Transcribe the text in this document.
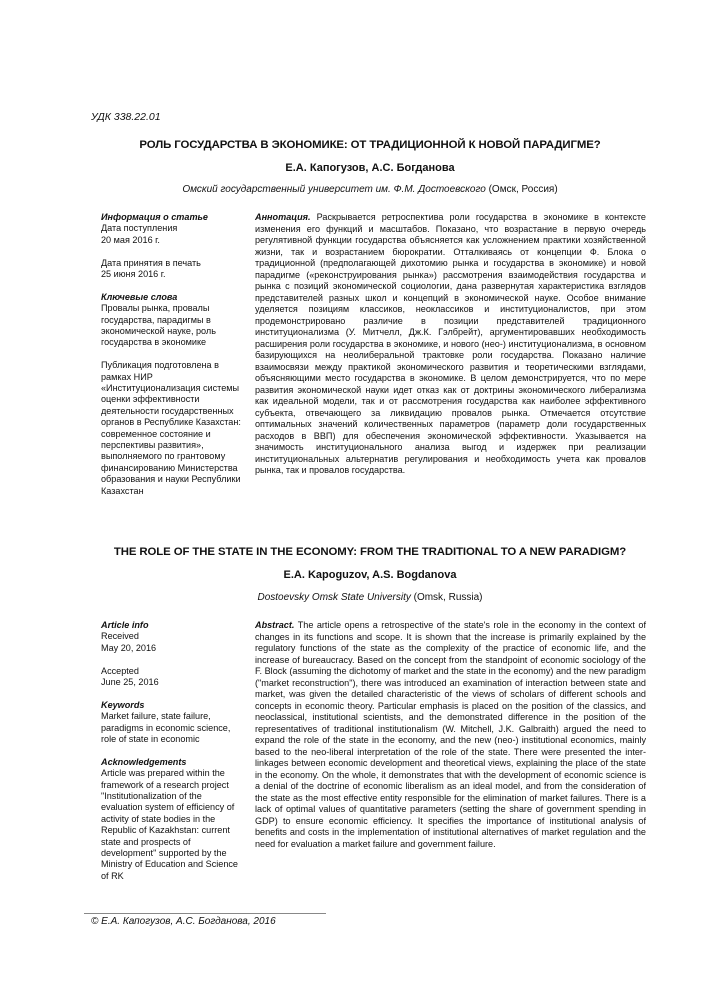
УДК 338.22.01
РОЛЬ ГОСУДАРСТВА В ЭКОНОМИКЕ: ОТ ТРАДИЦИОННОЙ К НОВОЙ ПАРАДИГМЕ?
Е.А. Капогузов, А.С. Богданова
Омский государственный университет им. Ф.М. Достоевского (Омск, Россия)
Информация о статье
Дата поступления
20 мая 2016 г.
Дата принятия в печать
25 июня 2016 г.
Ключевые слова
Провалы рынка, провалы государства, парадигмы в экономической науке, роль государства в экономике
Публикация подготовлена в рамках НИР «Институционализация системы оценки эффективности деятельности государственных органов в Республике Казахстан: современное состояние и перспективы развития», выполняемого по грантовому финансированию Министерства образования и науки Республики Казахстан
Аннотация. Раскрывается ретроспектива роли государства в экономике в контексте изменения его функций и масштабов. Показано, что возрастание в первую очередь регулятивной функции государства объясняется как усложнением практики хозяйственной жизни, так и возрастанием бюрократии. Отталкиваясь от концепции Ф. Блока о традиционной (предполагающей дихотомию рынка и государства в экономике) и новой парадигме («реконструирования рынка») рассмотрения взаимодействия государства и рынка с позиций экономической социологии, дана развернутая характеристика взглядов представителей разных школ и концепций в экономической науке. Особое внимание уделяется позициям классиков, неоклассиков и институционалистов, при этом продемонстрировано различие в позиции представителей традиционного институционализма (У. Митчелл, Дж.К. Гэлбрейт), аргументировавших необходимость расширения роли государства в экономике, и нового (нео-) институционализма, в основном базирующихся на неолиберальной трактовке роли государства. Показано наличие взаимосвязи между практикой экономического развития и теоретическими взглядами, объясняющими место государства в экономике. В целом демонстрируется, что по мере развития экономической науки идет отказ как от доктрины экономического либерализма как идеальной модели, так и от рассмотрения государства как наиболее эффективного субъекта, отвечающего за ликвидацию провалов рынка. Отмечается отсутствие оптимальных значений количественных параметров (параметр доли государственных расходов в ВВП) для обеспечения экономической эффективности. Указывается на значимость институционального анализа выгод и издержек при реализации институциональных альтернатив регулирования и необходимость учета как провалов рынка, так и провалов государства.
THE ROLE OF THE STATE IN THE ECONOMY: FROM THE TRADITIONAL TO A NEW PARADIGM?
E.A. Kapoguzov, A.S. Bogdanova
Dostoevsky Omsk State University (Omsk, Russia)
Article info
Received
May 20, 2016
Accepted
June 25, 2016
Keywords
Market failure, state failure, paradigms in economic science, role of state in economic
Acknowledgements
Article was prepared within the framework of a research project "Institutionalization of the evaluation system of efficiency of activity of state bodies in the Republic of Kazakhstan: current state and prospects of development" supported by the Ministry of Education and Science of RK
Abstract. The article opens a retrospective of the state's role in the economy in the context of changes in its functions and scope. It is shown that the increase is primarily explained by the regulatory functions of the state as the complexity of the practice of economic life, and the increase of bureaucracy. Based on the concept from the standpoint of economic sociology of the F. Block (assuming the dichotomy of market and the state in the economy) and the new paradigm ("market reconstruction"), there was introduced an examination of interaction between state and market, was given the detailed characteristic of the views of scholars of different schools and concepts in economic theory. Particular emphasis is placed on the position of the classics, and neoclassical, institutional scientists, and the demonstrated difference in the position of the representatives of traditional institutionalism (W. Mitchell, J.K. Galbraith) argued the need to expand the role of the state in the economy, and the new (neo-) institutional economics, mainly based to the neo-liberal interpretation of the role of the state. There were presented the inter-linkages between economic development and theoretical views, explaining the place of the state in the economy. On the whole, it demonstrates that with the development of economic science is a denial of the doctrine of economic liberalism as an ideal model, and from the consideration of the state as the most effective entity responsible for the elimination of market failures. There is a lack of optimal values of quantitative parameters (setting the share of government spending in GDP) to ensure economic efficiency. It specifies the importance of institutional analysis of benefits and costs in the implementation of institutional alternatives of market regulation and the need for evaluation a market failure and government failure.
© Е.А. Капогузов, А.С. Богданова, 2016
